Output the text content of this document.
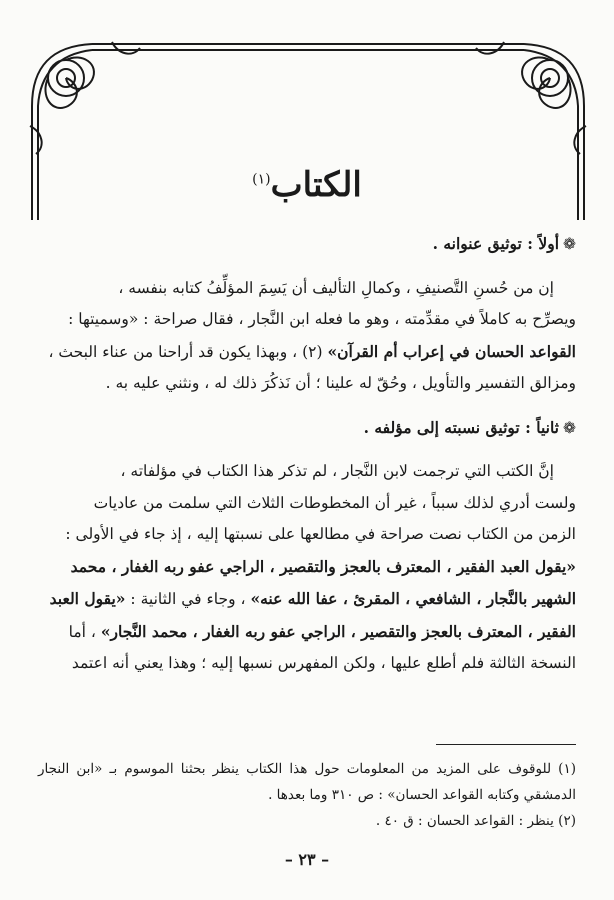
الكتاب$^{(١)}$

❁أولاً : توثيق عنوانه .

إن من حُسنِ التَّصنيفِ ، وكمالِ التأليف أن يَسِمَ المؤلِّفُ كتابه بنفسه ،

ويصرِّح به كاملاً في مقدِّمته ، وهو ما فعله ابن النَّجار ، فقال صراحة : «وسميتها :

القواعد الحسان في إعراب أم القرآن» (٢) ، وبهذا يكون قد أراحنا من عناء البحث ،

ومزالق التفسير والتأويل ، وحُقّ له علينا ؛ أن نَذكُرَ ذلك له ، ونثني عليه به .

❁ثانياً : توثيق نسبته إلى مؤلفه .

إنَّ الكتب التي ترجمت لابن النَّجار ، لم تذكر هذا الكتاب في مؤلفاته ،

ولست أدري لذلك سبباً ، غير أن المخطوطات الثلاث التي سلمت من عاديات

الزمن من الكتاب نصت صراحة في مطالعها على نسبتها إليه ، إذ جاء في الأولى :

«يقول العبد الفقير ، المعترف بالعجز والتقصير ، الراجي عفو ربه الغفار ، محمد

الشهير بالنَّجار ، الشافعي ، المقرئ ، عفا الله عنه» ، وجاء في الثانية : «يقول العبد

الفقير ، المعترف بالعجز والتقصير ، الراجي عفو ربه الغفار ، محمد النَّجار» ، أما

النسخة الثالثة فلم أطلع عليها ، ولكن المفهرس نسبها إليه ؛ وهذا يعني أنه اعتمد

(١) للوقوف على المزيد من المعلومات حول هذا الكتاب ينظر بحثنا الموسوم بـ «ابن النجار الدمشقي وكتابه القواعد الحسان» : ص ٣١٠ وما بعدها .

(٢) ينظر : القواعد الحسان : ق ٤٠ .

– ٢٣ –
